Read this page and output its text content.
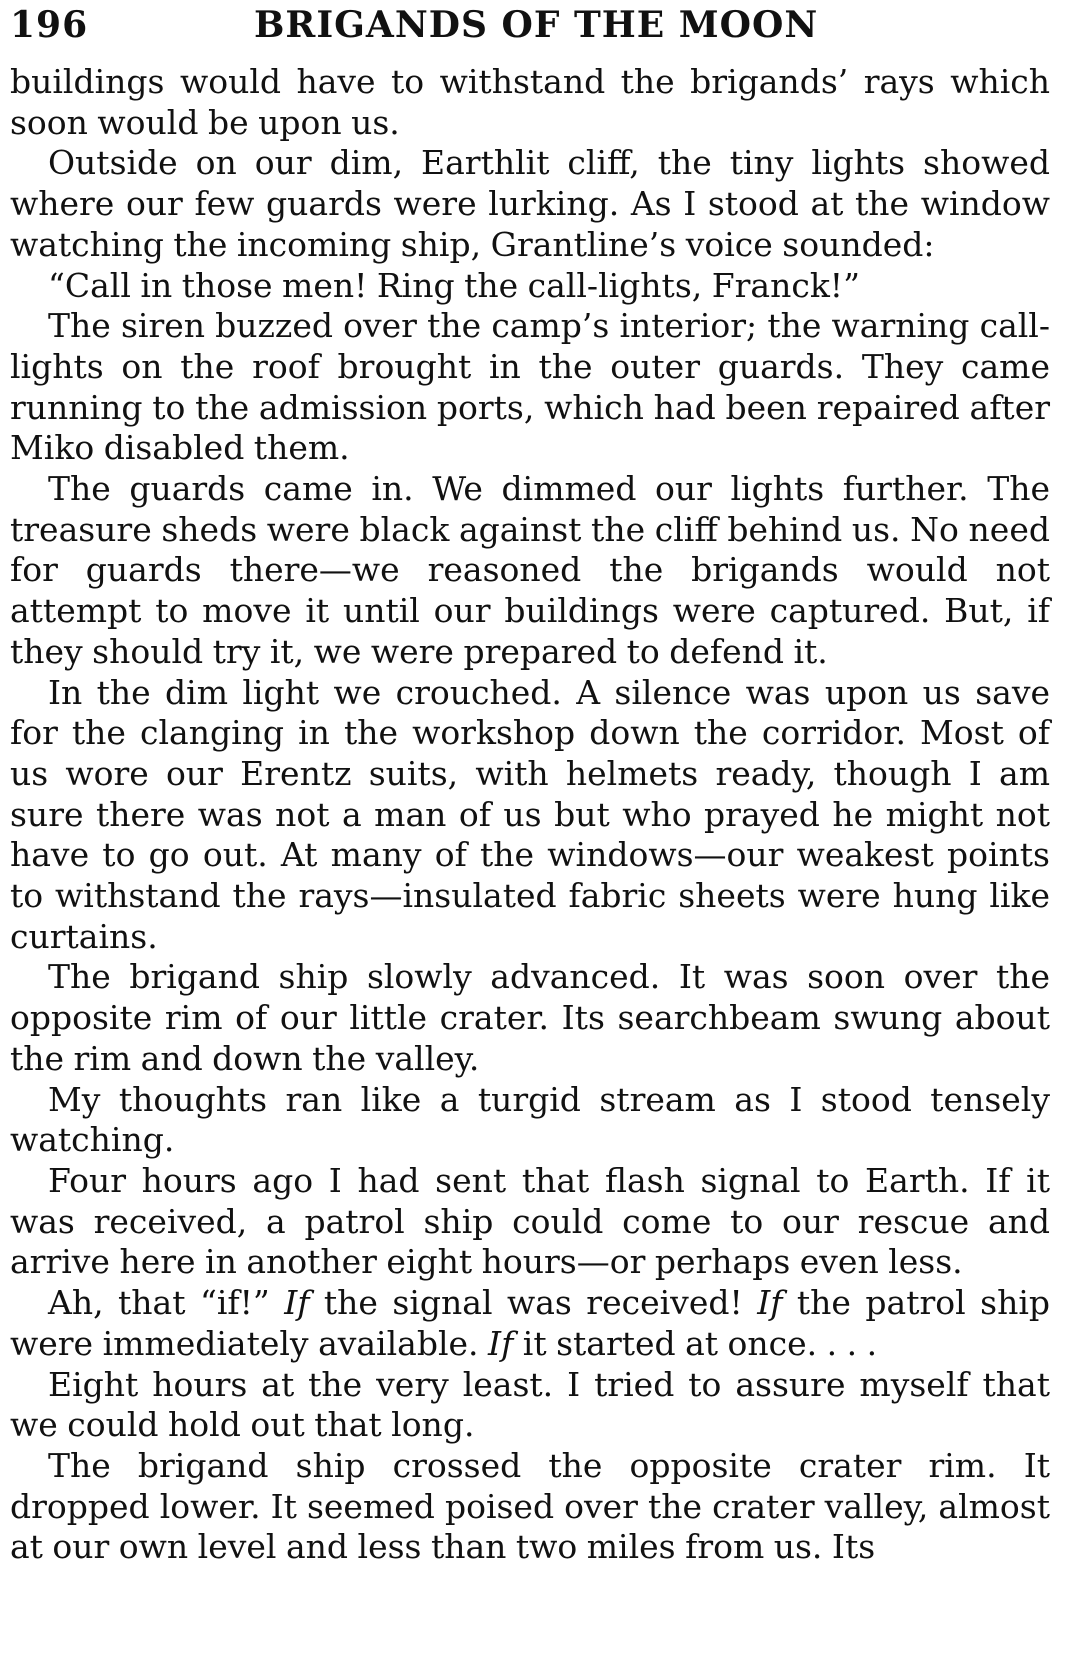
196	BRIGANDS OF THE MOON

buildings would have to withstand the brigands’ rays which soon would be upon us.

Outside on our dim, Earthlit cliff, the tiny lights showed where our few guards were lurking. As I stood at the window watching the incoming ship, Grantline’s voice sounded:

“Call in those men! Ring the call-lights, Franck!”

The siren buzzed over the camp’s interior; the warning call-lights on the roof brought in the outer guards. They came running to the admission ports, which had been repaired after Miko disabled them.

The guards came in. We dimmed our lights further. The treasure sheds were black against the cliff behind us. No need for guards there—we reasoned the brigands would not attempt to move it until our buildings were captured. But, if they should try it, we were prepared to defend it.

In the dim light we crouched. A silence was upon us save for the clanging in the workshop down the corridor. Most of us wore our Erentz suits, with helmets ready, though I am sure there was not a man of us but who prayed he might not have to go out. At many of the windows—our weakest points to withstand the rays—insulated fabric sheets were hung like curtains.

The brigand ship slowly advanced. It was soon over the opposite rim of our little crater. Its searchbeam swung about the rim and down the valley.

My thoughts ran like a turgid stream as I stood tensely watching.

Four hours ago I had sent that flash signal to Earth. If it was received, a patrol ship could come to our rescue and arrive here in another eight hours—or perhaps even less.

Ah, that “if!” If the signal was received! If the patrol ship were immediately available. If it started at once. . . .

Eight hours at the very least. I tried to assure myself that we could hold out that long.

The brigand ship crossed the opposite crater rim. It dropped lower. It seemed poised over the crater valley, almost at our own level and less than two miles from us. Its
